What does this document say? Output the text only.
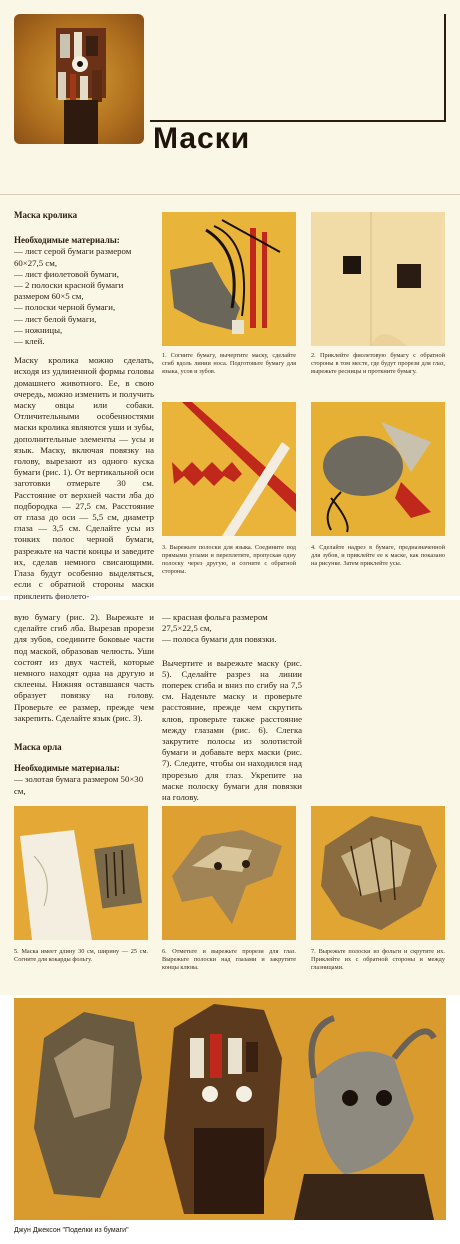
Маски

Маска кролика

Необходимые материалы:

— лист серой бумаги размером 60×27,5 см,
— лист фиолетовой бумаги,
— 2 полоски красной бумаги размером 60×5 см,
— полоски черной бумаги,
— лист белой бумаги,
— ножницы,
— клей.

Маску кролика можно сделать, исходя из удлиненной формы головы домашнего животного. Ее, в свою очередь, можно изменить и получить маску овцы или собаки. Отличительными особенностями маски кролика являются уши и зубы, дополнительные элементы — усы и язык. Маску, включая повязку на голову, вырезают из одного куска бумаги (рис. 1). От вертикальной оси заготовки отмерьте 30 см. Расстояние от верхней части лба до подбородка — 27,5 см. Расстояние от глаза до оси — 5,5 см, диаметр глаза — 3,5 см. Сделайте усы из тонких полос черной бумаги, разрежьте на части концы и заведите их, сделав немного свисающими. Глаза будут особенно выделяться, если с обратной стороны маски приклеить фиолето-

1. Согните бумагу, вычертите маску, сделайте сгиб вдоль линии носа. Подготовьте бумагу для языка, усов и зубов.
2. Приклейте фиолетовую бумагу с обратной стороны в том месте, где будут прорези для глаз, вырежьте ресницы и проткните бумагу.
3. Вырежьте полоски для языка. Соедините под прямыми углами и переплетите, пропуская одну полоску через другую, и согните с обратной стороны.
4. Сделайте надрез в бумаге, предназначенной для зубов, и приклейте ее к маске, как показано на рисунке. Затем приклейте усы.

вую бумагу (рис. 2). Вырежьте и сделайте сгиб лба. Вырезав прорези для зубов, соедините боковые части под маской, образовав челюсть. Уши состоят из двух частей, которые немного находят одна на другую и склеены. Нижняя оставшаяся часть образует повязку на голову. Проверьте ее размер, прежде чем закрепить. Сделайте язык (рис. 3).

Маска орла

Необходимые материалы:

— золотая бумага размером 50×30 см,
— красная фольга размером 27,5×22,5 см,
— полоса бумаги для повязки.

Вычертите и вырежьте маску (рис. 5). Сделайте разрез на линии поперек сгиба и вниз по сгибу на 7,5 см. Наденьте маску и проверьте расстояние, прежде чем скрутить клюв, проверьте также расстояние между глазами (рис. 6). Слегка закрутите полосы из золотистой бумаги и добавьте верх маски (рис. 7). Следите, чтобы он находился над прорезью для глаз. Укрепите на маске полоску бумаги для повязки на голову.

5. Маска имеет длину 30 см, ширину — 25 см. Согните для кокарды фольгу.
6. Отметьте и вырежьте прорези для глаз. Вырежьте полоски над глазами и закрутите концы клюва.
7. Вырежьте полоски из фольги и скрутите их. Приклейте их с обратной стороны и между глазницами.
Джун Джексон "Поделки из бумаги"
